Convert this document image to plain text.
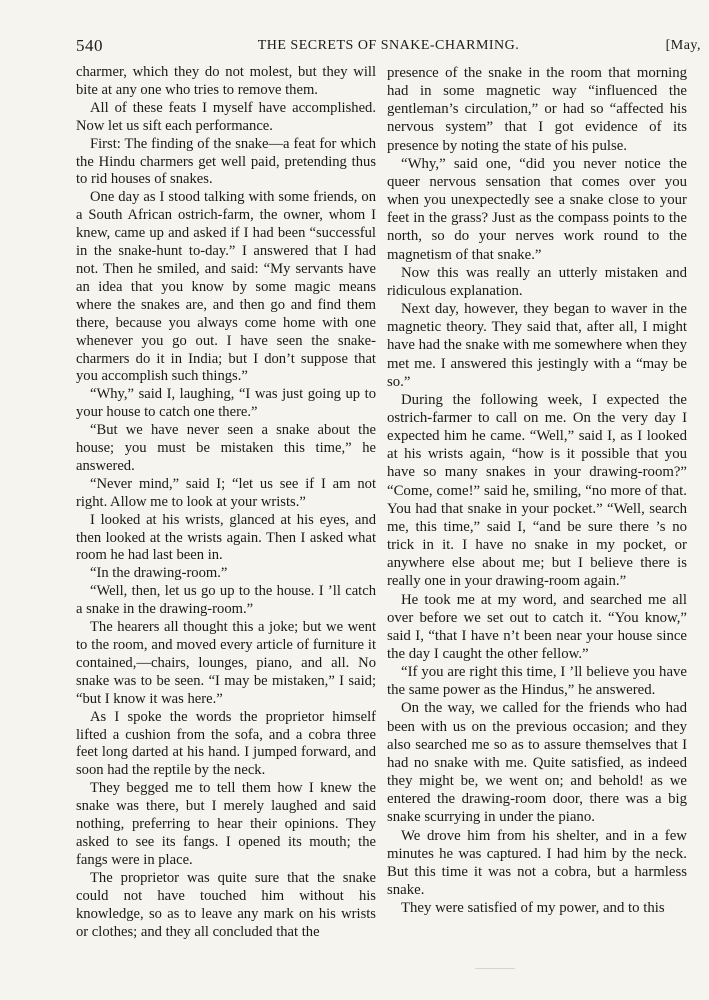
540	THE SECRETS OF SNAKE-CHARMING.	[May,

charmer, which they do not molest, but they will bite at any one who tries to remove them.

All of these feats I myself have accomplished. Now let us sift each performance.

First: The finding of the snake—a feat for which the Hindu charmers get well paid, pretending thus to rid houses of snakes.

One day as I stood talking with some friends, on a South African ostrich-farm, the owner, whom I knew, came up and asked if I had been “successful in the snake-hunt to-day.” I answered that I had not. Then he smiled, and said: “My servants have an idea that you know by some magic means where the snakes are, and then go and find them there, because you always come home with one whenever you go out. I have seen the snake-charmers do it in India; but I don’t suppose that you accomplish such things.”

“Why,” said I, laughing, “I was just going up to your house to catch one there.”

“But we have never seen a snake about the house; you must be mistaken this time,” he answered.

“Never mind,” said I; “let us see if I am not right. Allow me to look at your wrists.”

I looked at his wrists, glanced at his eyes, and then looked at the wrists again. Then I asked what room he had last been in.

“In the drawing-room.”

“Well, then, let us go up to the house. I ’ll catch a snake in the drawing-room.”

The hearers all thought this a joke; but we went to the room, and moved every article of furniture it contained,—chairs, lounges, piano, and all. No snake was to be seen. “I may be mistaken,” I said; “but I know it was here.”

As I spoke the words the proprietor himself lifted a cushion from the sofa, and a cobra three feet long darted at his hand. I jumped forward, and soon had the reptile by the neck.

They begged me to tell them how I knew the snake was there, but I merely laughed and said nothing, preferring to hear their opinions. They asked to see its fangs. I opened its mouth; the fangs were in place.

The proprietor was quite sure that the snake could not have touched him without his knowledge, so as to leave any mark on his wrists or clothes; and they all concluded that the

presence of the snake in the room that morning had in some magnetic way “influenced the gentleman’s circulation,” or had so “affected his nervous system” that I got evidence of its presence by noting the state of his pulse.

“Why,” said one, “did you never notice the queer nervous sensation that comes over you when you unexpectedly see a snake close to your feet in the grass? Just as the compass points to the north, so do your nerves work round to the magnetism of that snake.”

Now this was really an utterly mistaken and ridiculous explanation.

Next day, however, they began to waver in the magnetic theory. They said that, after all, I might have had the snake with me somewhere when they met me. I answered this jestingly with a “may be so.”

During the following week, I expected the ostrich-farmer to call on me. On the very day I expected him he came. “Well,” said I, as I looked at his wrists again, “how is it possible that you have so many snakes in your drawing-room?” “Come, come!” said he, smiling, “no more of that. You had that snake in your pocket.” “Well, search me, this time,” said I, “and be sure there ’s no trick in it. I have no snake in my pocket, or anywhere else about me; but I believe there is really one in your drawing-room again.”

He took me at my word, and searched me all over before we set out to catch it. “You know,” said I, “that I have n’t been near your house since the day I caught the other fellow.”

“If you are right this time, I ’ll believe you have the same power as the Hindus,” he answered.

On the way, we called for the friends who had been with us on the previous occasion; and they also searched me so as to assure themselves that I had no snake with me. Quite satisfied, as indeed they might be, we went on; and behold! as we entered the drawing-room door, there was a big snake scurrying in under the piano.

We drove him from his shelter, and in a few minutes he was captured. I had him by the neck. But this time it was not a cobra, but a harmless snake.

They were satisfied of my power, and to this
